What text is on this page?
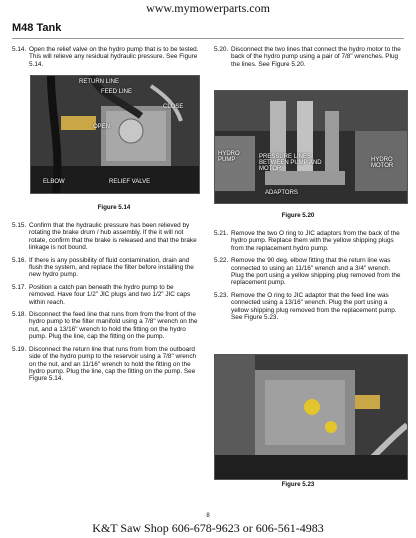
www.mymowerparts.com
M48 Tank
5.14. Open the relief valve on the hydro pump that is to be tested. This will relieve any residual hydraulic pressure. See Figure 5.14.
RETURN LINE
FEED LINE
CLOSE
OPEN
ELBOW	RELIEF VALVE
Figure 5.14
5.15. Confirm that the hydraulic pressure has been relieved by rotating the brake drum / hub assembly. If the it will not rotate, confirm that the brake is released and that the brake linkage is not bound.
5.16. If there is any possibility of fluid contamination, drain and flush the system, and replace the filter before installing the new hydro pump.
5.17. Position a catch pan beneath the hydro pump to be removed. Have four 1/2" JIC plugs and two 1/2" JIC caps within reach.
5.18. Disconnect the feed line that runs from from the front of the hydro pump to the filter manifold using a 7/8" wrench on the nut, and a 13/16" wrench to hold the fitting on the hydro pump. Plug the line, cap the fitting on the pump.
5.19. Disconnect the return line that runs from from the outboard side of the hydro pump to the reservoir using a 7/8" wrench on the nut, and an 11/16" wrench to hold the fitting on the hydro pump. Plug the line, cap the fitting on the pump. See Figure 5.14.
5.20. Disconnect the two lines that connect the hydro motor to the back of the hydro pump using a pair of 7/8" wrenches. Plug the lines. See Figure 5.20.
HYDRO PUMP	PRESSURE LINES BETWEEN PUMP AND MOTOR
HYDRO MOTOR
ADAPTORS
Figure 5.20
5.21. Remove the two O ring to JIC adaptors from the back of the hydro pump. Replace them with the yellow shipping plugs from the replacement hydro pump.
5.22. Remove the 90 deg. elbow fitting that the return line was connected to using an 11/16" wrench and a 3/4" wrench. Plug the port using a yellow shipping plug removed from the replacement pump.
5.23. Remove the O ring to JIC adaptor that the feed line was connected using a 13/16" wrench. Plug the port using a yellow shipping plug removed from the replacement pump. See Figure 5.23.
Figure 5.23
8
K&T Saw Shop 606-678-9623 or 606-561-4983
